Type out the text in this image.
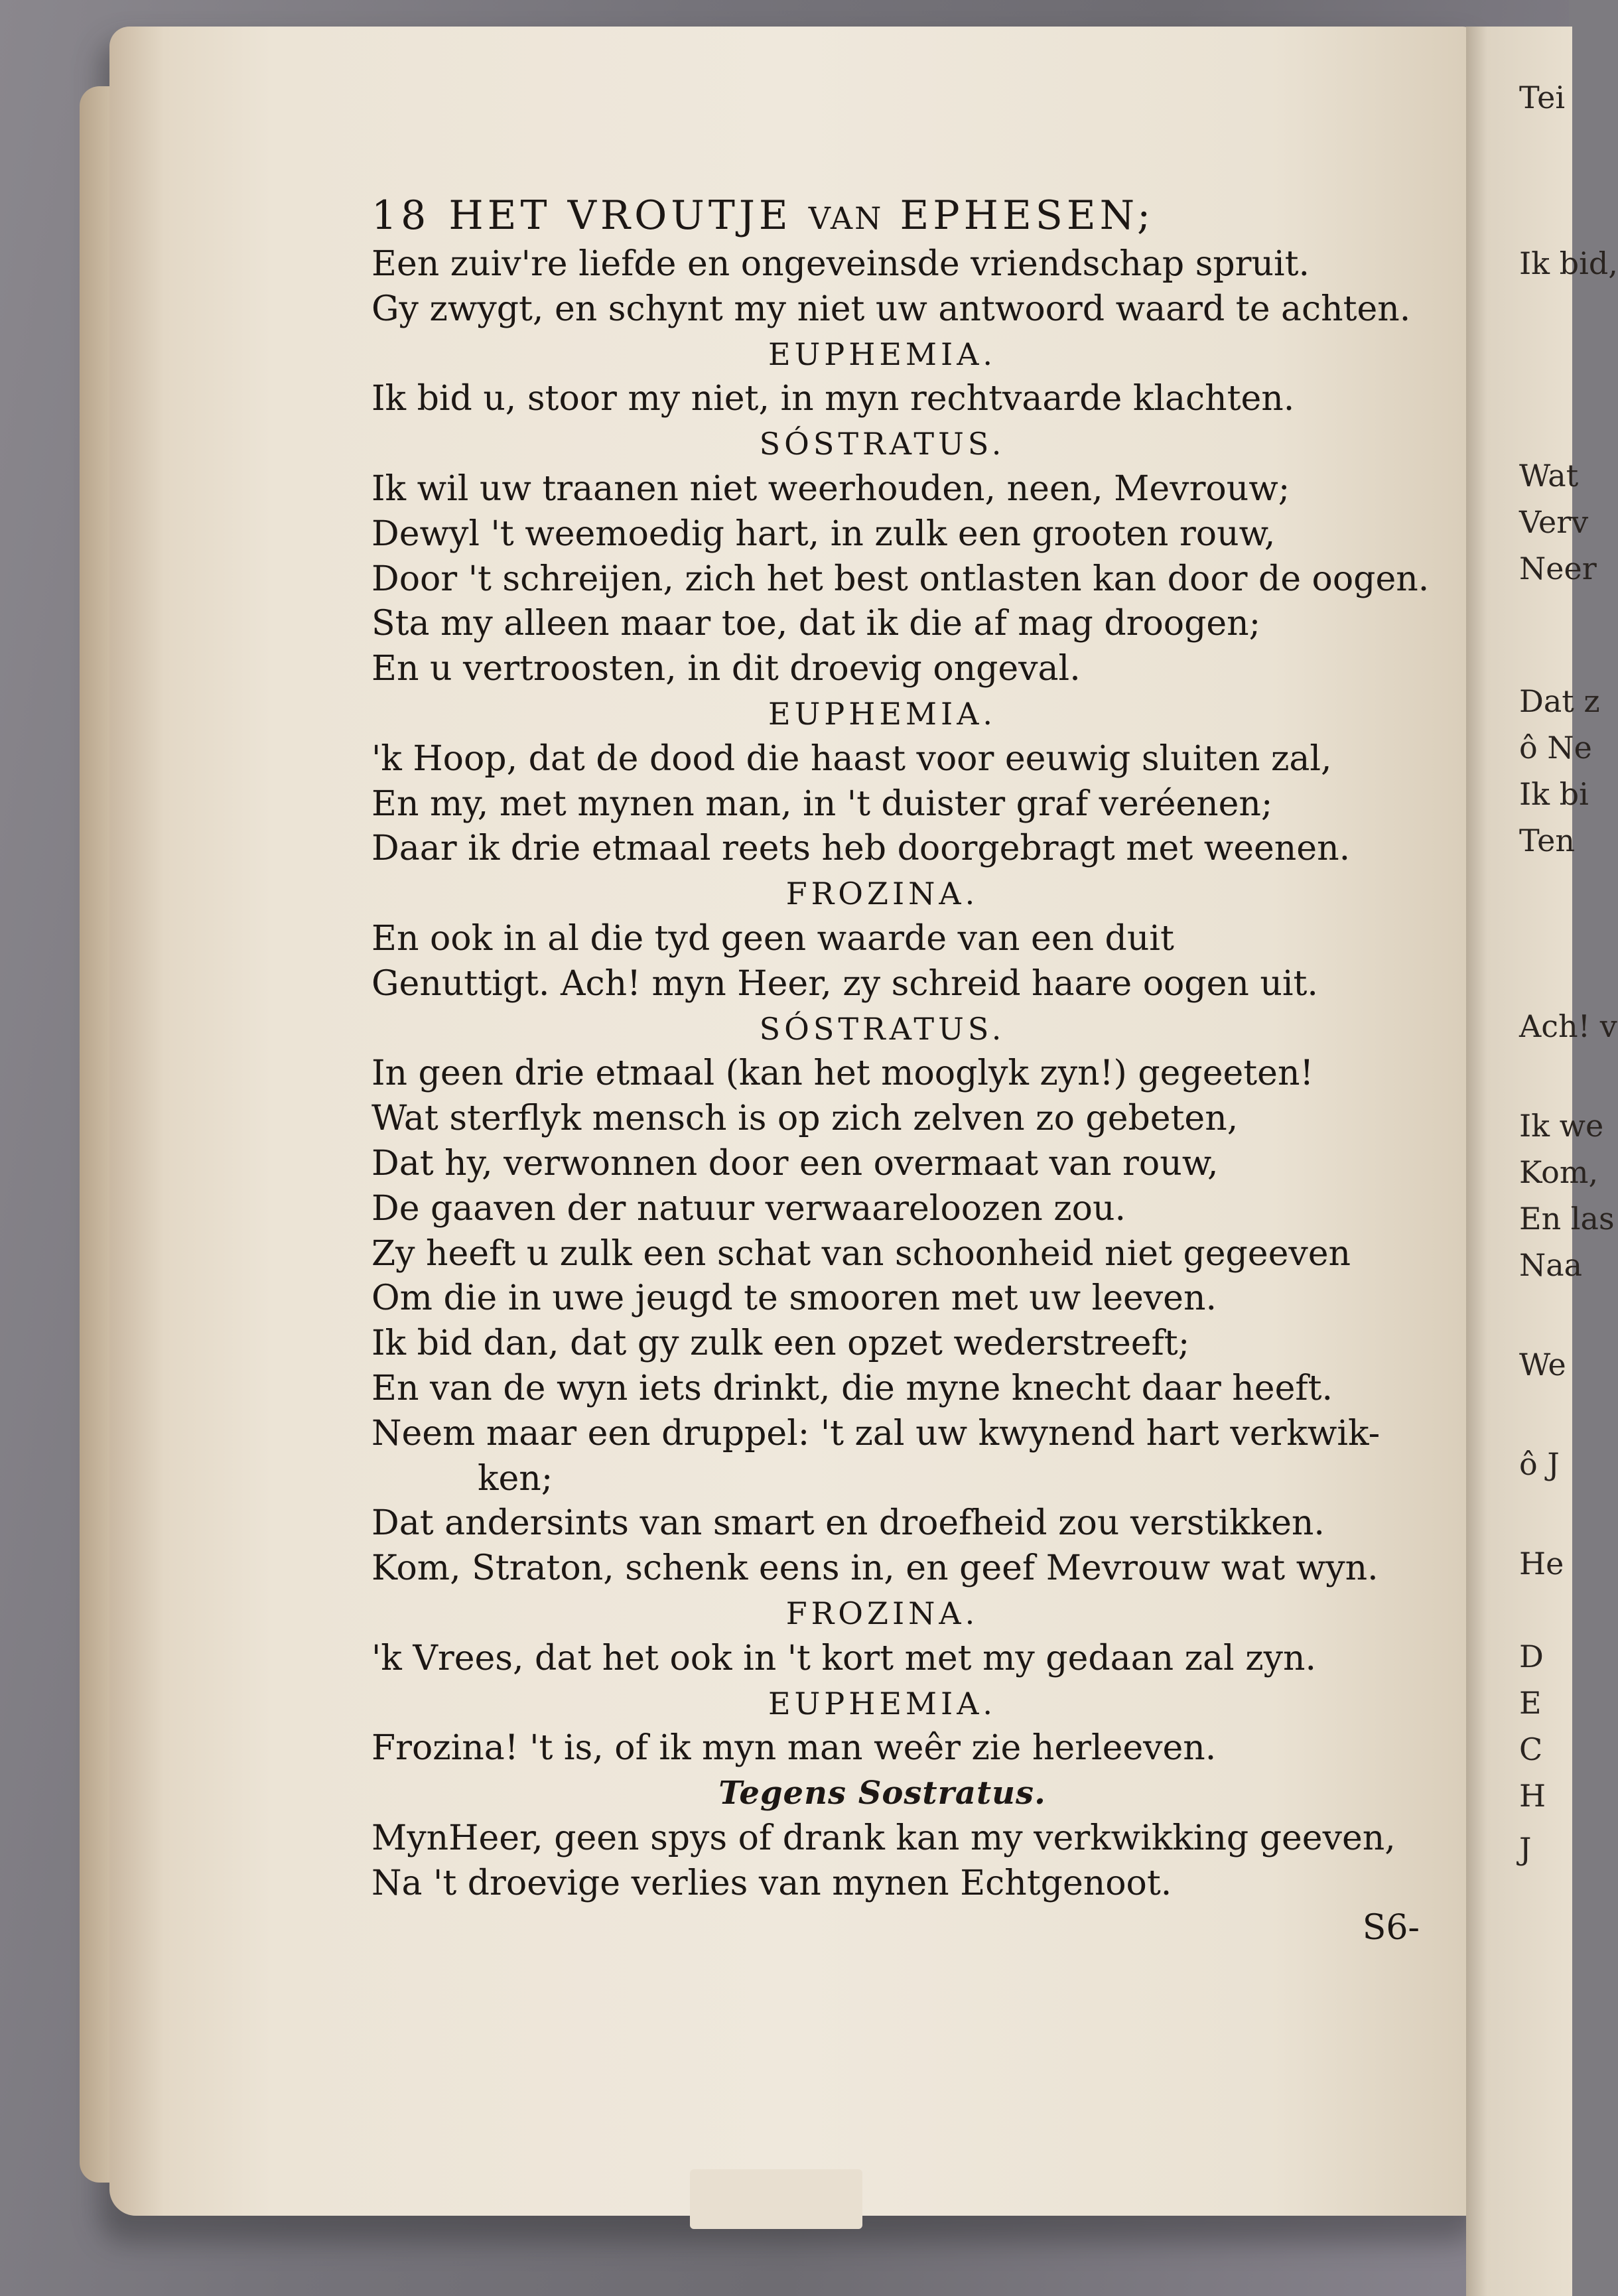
Tei
Ik bid,
Wat
Verv
Neer
Dat z
ô Ne
Ik bi
Ten
Ach! v
Ik we
Kom,
En las
Naa
We
ô J
He
D
E
C
H
J
18 HET VROUTJE VAN EPHESEN;
Een zuiv're liefde en ongeveinsde vriendschap spruit.
Gy zwygt, en schynt my niet uw antwoord waard te achten.
EUPHEMIA.
Ik bid u, stoor my niet, in myn rechtvaarde klachten.
SÓSTRATUS.
Ik wil uw traanen niet weerhouden, neen, Mevrouw;
Dewyl 't weemoedig hart, in zulk een grooten rouw,
Door 't schreijen, zich het best ontlasten kan door de oogen.
Sta my alleen maar toe, dat ik die af mag droogen;
En u vertroosten, in dit droevig ongeval.
EUPHEMIA.
'k Hoop, dat de dood die haast voor eeuwig sluiten zal,
En my, met mynen man, in 't duister graf veréenen;
Daar ik drie etmaal reets heb doorgebragt met weenen.
FROZINA.
En ook in al die tyd geen waarde van een duit
Genuttigt. Ach! myn Heer, zy schreid haare oogen uit.
SÓSTRATUS.
In geen drie etmaal (kan het mooglyk zyn!) gegeeten!
Wat sterflyk mensch is op zich zelven zo gebeten,
Dat hy, verwonnen door een overmaat van rouw,
De gaaven der natuur verwaareloozen zou.
Zy heeft u zulk een schat van schoonheid niet gegeeven
Om die in uwe jeugd te smooren met uw leeven.
Ik bid dan, dat gy zulk een opzet wederstreeft;
En van de wyn iets drinkt, die myne knecht daar heeft.
Neem maar een druppel: 't zal uw kwynend hart verkwik-
ken;
Dat andersints van smart en droefheid zou verstikken.
Kom, Straton, schenk eens in, en geef Mevrouw wat wyn.
FROZINA.
'k Vrees, dat het ook in 't kort met my gedaan zal zyn.
EUPHEMIA.
Frozina! 't is, of ik myn man weêr zie herleeven.
Tegens Sostratus.
MynHeer, geen spys of drank kan my verkwikking geeven,
Na 't droevige verlies van mynen Echtgenoot.
S6-
